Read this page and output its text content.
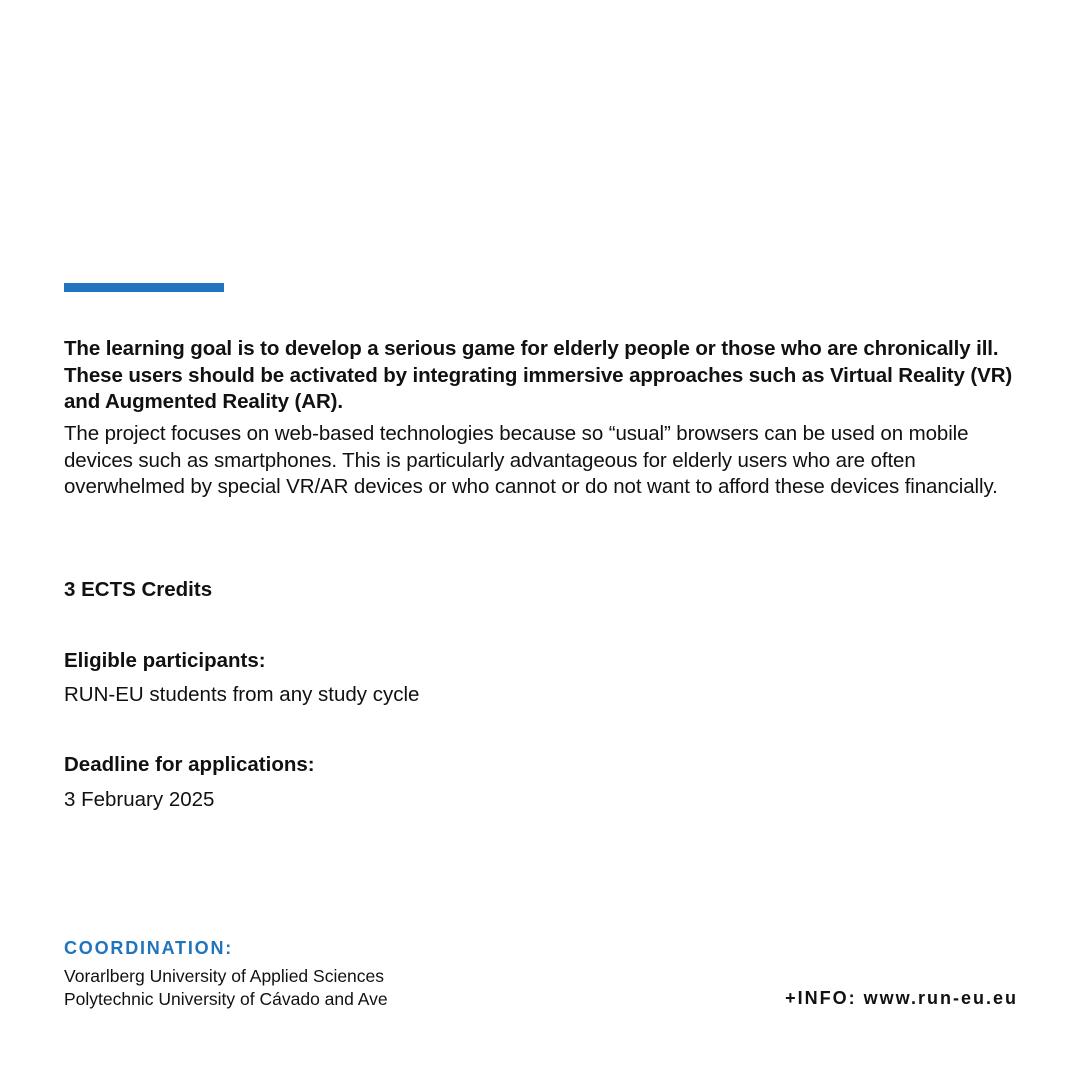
The learning goal is to develop a serious game for elderly people or those who are chronically ill. These users should be activated by integrating immersive approaches such as Virtual Reality (VR) and Augmented Reality (AR).

The project focuses on web-based technologies because so “usual” browsers can be used on mobile devices such as smartphones. This is particularly advantageous for elderly users who are often overwhelmed by special VR/AR devices or who cannot or do not want to afford these devices financially.

3 ECTS Credits

Eligible participants:

RUN-EU students from any study cycle

Deadline for applications:

3 February 2025

COORDINATION:

Vorarlberg University of Applied Sciences

Polytechnic University of Cávado and Ave	+INFO: www.run-eu.eu
